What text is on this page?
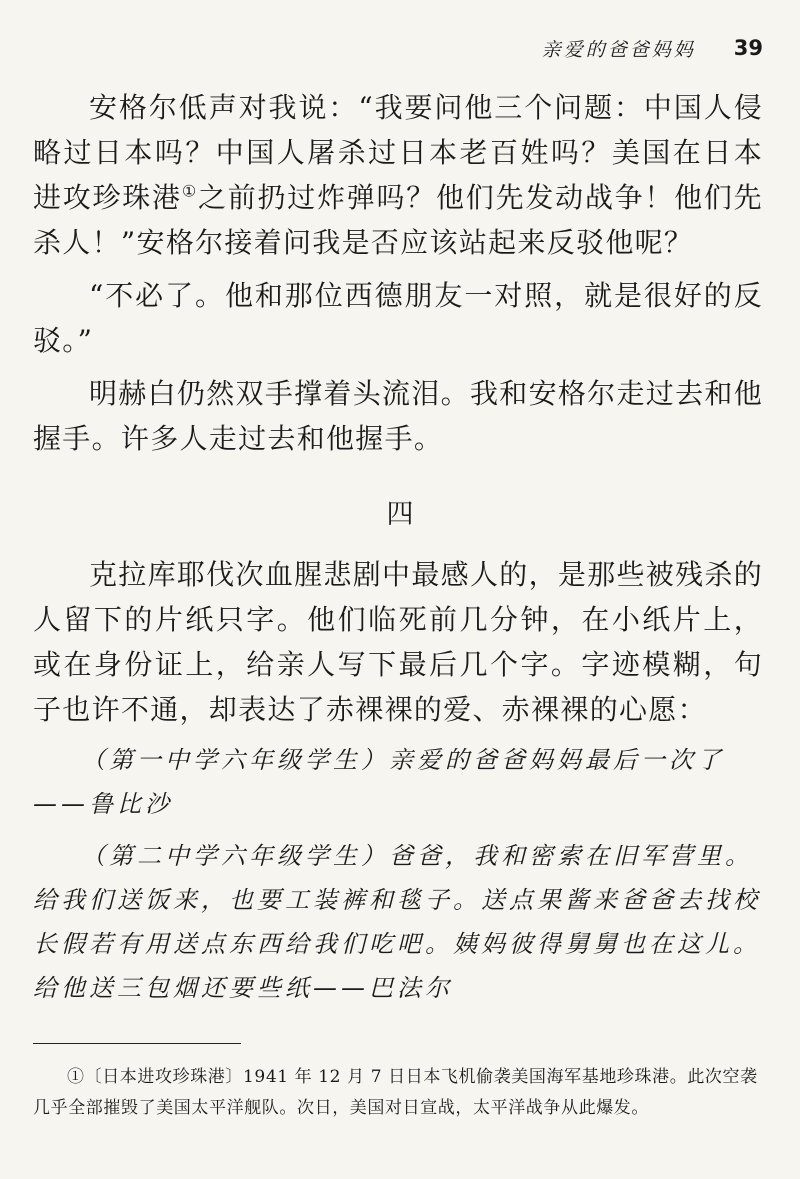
亲爱的爸爸妈妈 39

安格尔低声对我说：“我要问他三个问题：中国人侵略过日本吗？中国人屠杀过日本老百姓吗？美国在日本进攻珍珠港①之前扔过炸弹吗？他们先发动战争！他们先杀人！”安格尔接着问我是否应该站起来反驳他呢？

“不必了。他和那位西德朋友一对照，就是很好的反驳。”

明赫白仍然双手撑着头流泪。我和安格尔走过去和他握手。许多人走过去和他握手。

四

克拉库耶伐次血腥悲剧中最感人的，是那些被残杀的人留下的片纸只字。他们临死前几分钟，在小纸片上，或在身份证上，给亲人写下最后几个字。字迹模糊，句子也许不通，却表达了赤裸裸的爱、赤裸裸的心愿：

（第一中学六年级学生）亲爱的爸爸妈妈最后一次了——鲁比沙

（第二中学六年级学生）爸爸，我和密索在旧军营里。给我们送饭来，也要工装裤和毯子。送点果酱来爸爸去找校长假若有用送点东西给我们吃吧。姨妈彼得舅舅也在这儿。给他送三包烟还要些纸——巴法尔

①〔日本进攻珍珠港〕1941 年 12 月 7 日日本飞机偷袭美国海军基地珍珠港。此次空袭几乎全部摧毁了美国太平洋舰队。次日，美国对日宣战，太平洋战争从此爆发。
